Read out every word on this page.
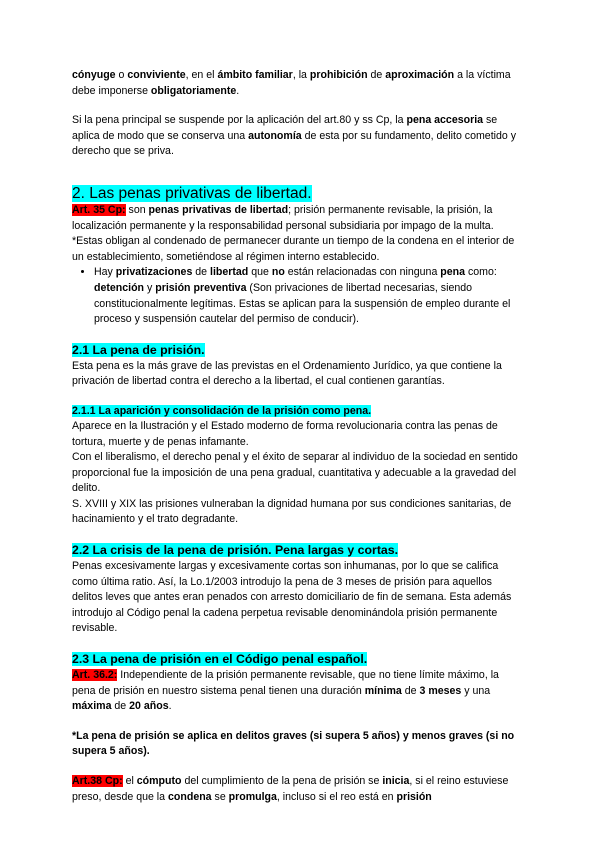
cónyuge o conviviente, en el ámbito familiar, la prohibición de aproximación a la víctima debe imponerse obligatoriamente.

Si la pena principal se suspende por la aplicación del art.80 y ss Cp, la pena accesoria se aplica de modo que se conserva una autonomía de esta por su fundamento, delito cometido y derecho que se priva.

2. Las penas privativas de libertad.

Art. 35 Cp: son penas privativas de libertad; prisión permanente revisable, la prisión, la localización permanente y la responsabilidad personal subsidiaria por impago de la multa.

*Estas obligan al condenado de permanecer durante un tiempo de la condena en el interior de un establecimiento, sometiéndose al régimen interno establecido.

• Hay privatizaciones de libertad que no están relacionadas con ninguna pena como: detención y prisión preventiva (Son privaciones de libertad necesarias, siendo constitucionalmente legítimas. Estas se aplican para la suspensión de empleo durante el proceso y suspensión cautelar del permiso de conducir).
2.1 La pena de prisión.

Esta pena es la más grave de las previstas en el Ordenamiento Jurídico, ya que contiene la privación de libertad contra el derecho a la libertad, el cual contienen garantías.

2.1.1 La aparición y consolidación de la prisión como pena.

Aparece en la Ilustración y el Estado moderno de forma revolucionaria contra las penas de tortura, muerte y de penas infamante.

Con el liberalismo, el derecho penal y el éxito de separar al individuo de la sociedad en sentido proporcional fue la imposición de una pena gradual, cuantitativa y adecuable a la gravedad del delito.

S. XVIII y XIX las prisiones vulneraban la dignidad humana por sus condiciones sanitarias, de hacinamiento y el trato degradante.

2.2 La crisis de la pena de prisión. Pena largas y cortas.

Penas excesivamente largas y excesivamente cortas son inhumanas, por lo que se califica como última ratio. Así, la Lo.1/2003 introdujo la pena de 3 meses de prisión para aquellos delitos leves que antes eran penados con arresto domiciliario de fin de semana. Esta además introdujo al Código penal la cadena perpetua revisable denominándola prisión permanente revisable.

2.3 La pena de prisión en el Código penal español.

Art. 36.2: Independiente de la prisión permanente revisable, que no tiene límite máximo, la pena de prisión en nuestro sistema penal tienen una duración mínima de 3 meses y una máxima de 20 años.

*La pena de prisión se aplica en delitos graves (si supera 5 años) y menos graves (si no supera 5 años).

Art.38 Cp: el cómputo del cumplimiento de la pena de prisión se inicia, si el reino estuviese preso, desde que la condena se promulga, incluso si el reo está en prisión
